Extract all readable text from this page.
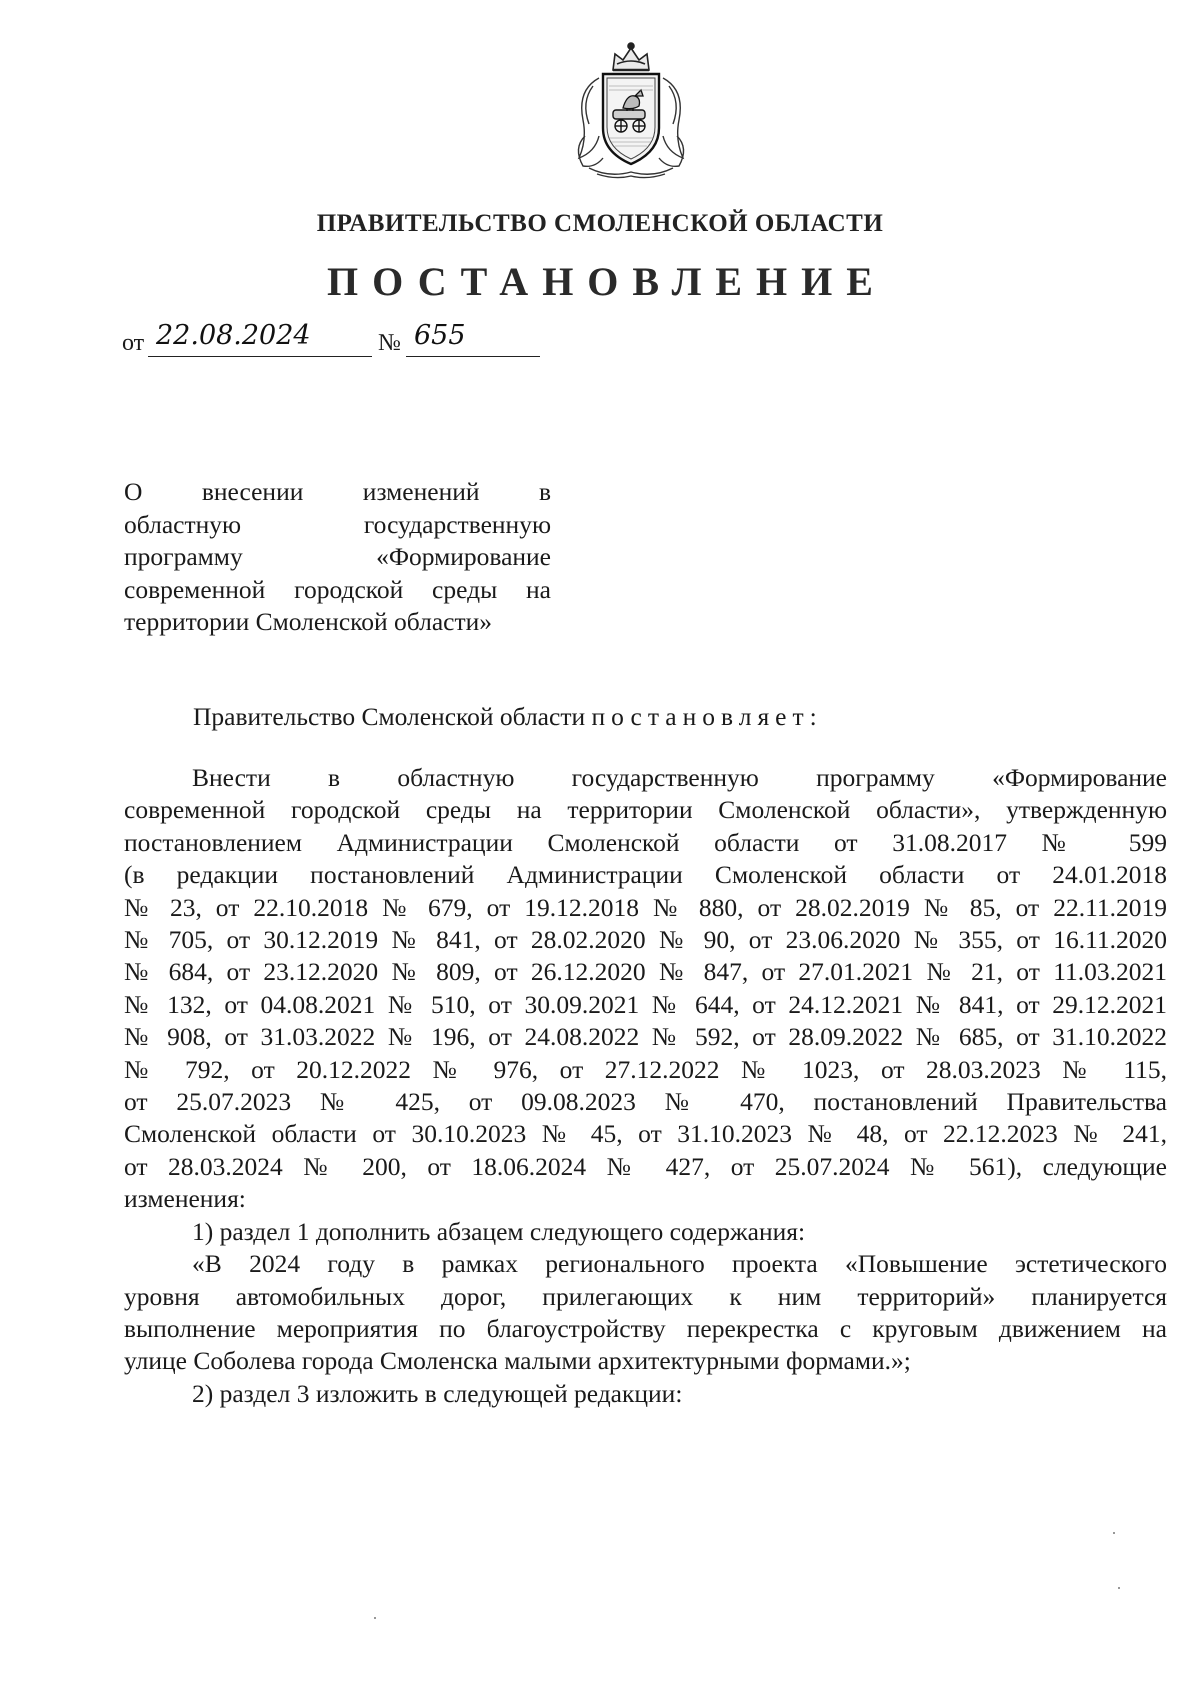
ПРАВИТЕЛЬСТВО СМОЛЕНСКОЙ ОБЛАСТИ
ПОСТАНОВЛЕНИЕ
от 22.08.2024	№ 655
О внесении изменений в
областную государственную
программу «Формирование
современной городской среды на
территории Смоленской области»
Правительство Смоленской области постановляет:
Внести в областную государственную программу «Формирование
современной городской среды на территории Смоленской области», утвержденную
постановлением Администрации Смоленской области от 31.08.2017 № 599
(в редакции постановлений Администрации Смоленской области от 24.01.2018
№ 23, от 22.10.2018 № 679, от 19.12.2018 № 880, от 28.02.2019 № 85, от 22.11.2019
№ 705, от 30.12.2019 № 841, от 28.02.2020 № 90, от 23.06.2020 № 355, от 16.11.2020
№ 684, от 23.12.2020 № 809, от 26.12.2020 № 847, от 27.01.2021 № 21, от 11.03.2021
№ 132, от 04.08.2021 № 510, от 30.09.2021 № 644, от 24.12.2021 № 841, от 29.12.2021
№ 908, от 31.03.2022 № 196, от 24.08.2022 № 592, от 28.09.2022 № 685, от 31.10.2022
№ 792, от 20.12.2022 № 976, от 27.12.2022 № 1023, от 28.03.2023 № 115,
от 25.07.2023 № 425, от 09.08.2023 № 470, постановлений Правительства
Смоленской области от 30.10.2023 № 45, от 31.10.2023 № 48, от 22.12.2023 № 241,
от 28.03.2024 № 200, от 18.06.2024 № 427, от 25.07.2024 № 561), следующие
изменения:
1) раздел 1 дополнить абзацем следующего содержания:
«В 2024 году в рамках регионального проекта «Повышение эстетического
уровня автомобильных дорог, прилегающих к ним территорий» планируется
выполнение мероприятия по благоустройству перекрестка с круговым движением на
улице Соболева города Смоленска малыми архитектурными формами.»;
2) раздел 3 изложить в следующей редакции:
